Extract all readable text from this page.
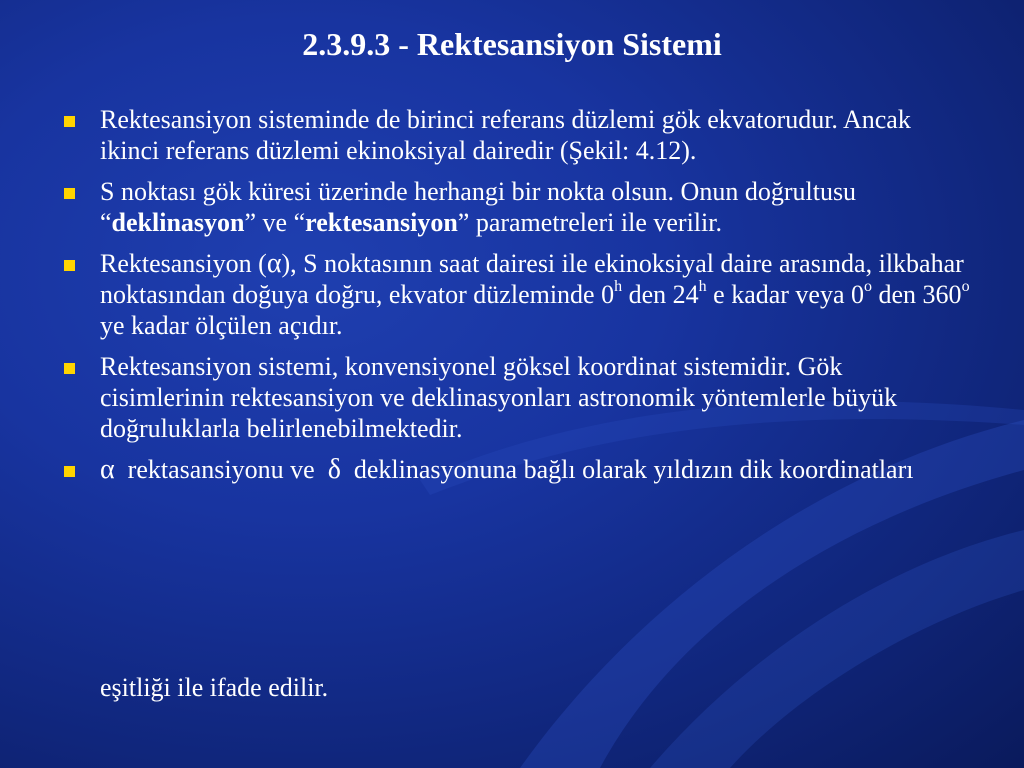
2.3.9.3 - Rektesansiyon Sistemi
Rektesansiyon sisteminde de birinci referans düzlemi gök ekvatorudur. Ancak ikinci referans düzlemi ekinoksiyal dairedir (Şekil: 4.12).
S noktası gök küresi üzerinde herhangi bir nokta olsun. Onun doğrultusu “deklinasyon” ve “rektesansiyon” parametreleri ile verilir.
Rektesansiyon (α), S noktasının saat dairesi ile ekinoksiyal daire arasında, ilkbahar noktasından doğuya doğru, ekvator düzleminde 0$^h$ den 24$^h$ e kadar veya 0$^o$ den 360$^o$ ye kadar ölçülen açıdır.
Rektesansiyon sistemi, konvensiyonel göksel koordinat sistemidir. Gök cisimlerinin rektesansiyon ve deklinasyonları astronomik yöntemlerle büyük doğruluklarla belirlenebilmektedir.
α  rektasansiyonu ve  δ  deklinasyonuna bağlı olarak yıldızın dik koordinatları
eşitliği ile ifade edilir.
